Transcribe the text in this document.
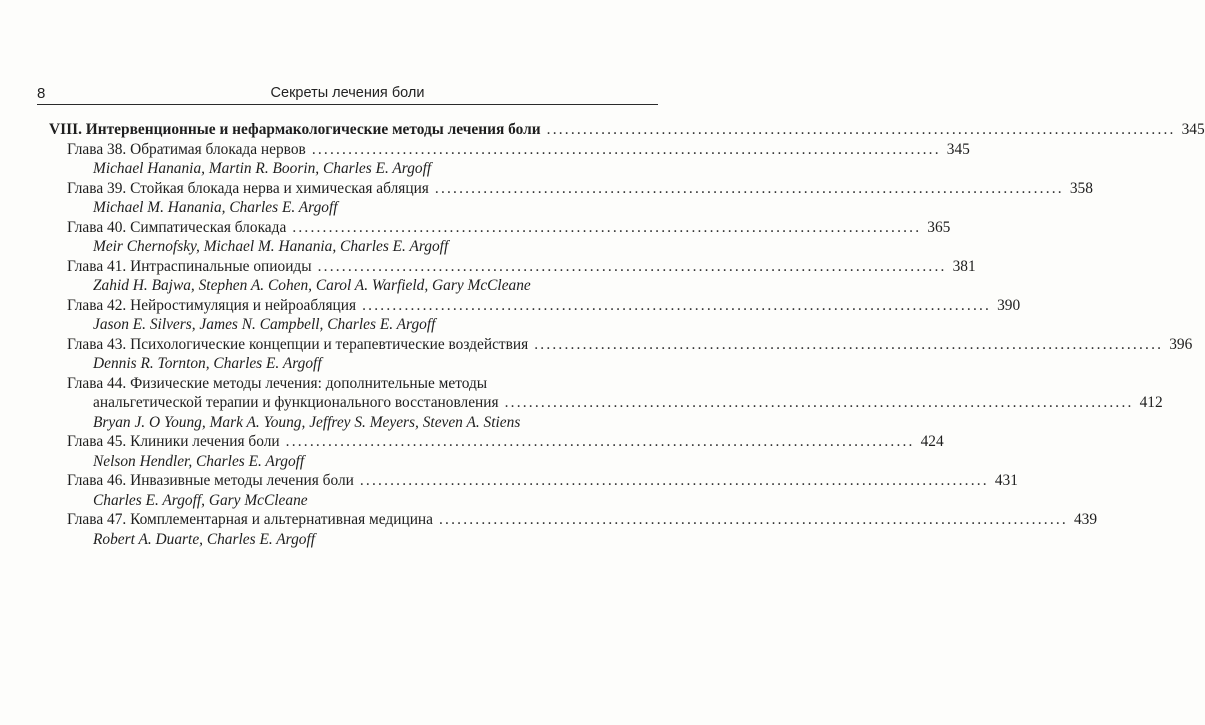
8	Секреты лечения боли
VIII. Интервенционные и нефармакологические методы лечения боли ........................................................................................................ 345
Глава 38. Обратимая блокада нервов ........................................................................................................ 345
Michael Hanania, Martin R. Boorin, Charles E. Argoff
Глава 39. Стойкая блокада нерва и химическая абляция ........................................................................................................ 358
Michael M. Hanania, Charles E. Argoff
Глава 40. Симпатическая блокада ........................................................................................................ 365
Meir Chernofsky, Michael M. Hanania, Charles E. Argoff
Глава 41. Интраспинальные опиоиды ........................................................................................................ 381
Zahid H. Bajwa, Stephen A. Cohen, Carol A. Warfield, Gary McCleane
Глава 42. Нейростимуляция и нейроабляция ........................................................................................................ 390
Jason E. Silvers, James N. Campbell, Charles E. Argoff
Глава 43. Психологические концепции и терапевтические воздействия ........................................................................................................ 396
Dennis R. Tornton, Charles E. Argoff
Глава 44. Физические методы лечения: дополнительные методы
анальгетической терапии и функционального восстановления ........................................................................................................ 412
Bryan J. O Young, Mark A. Young, Jeffrey S. Meyers, Steven A. Stiens
Глава 45. Клиники лечения боли ........................................................................................................ 424
Nelson Hendler, Charles E. Argoff
Глава 46. Инвазивные методы лечения боли ........................................................................................................ 431
Charles E. Argoff, Gary McCleane
Глава 47. Комплементарная и альтернативная медицина ........................................................................................................ 439
Robert A. Duarte, Charles E. Argoff
